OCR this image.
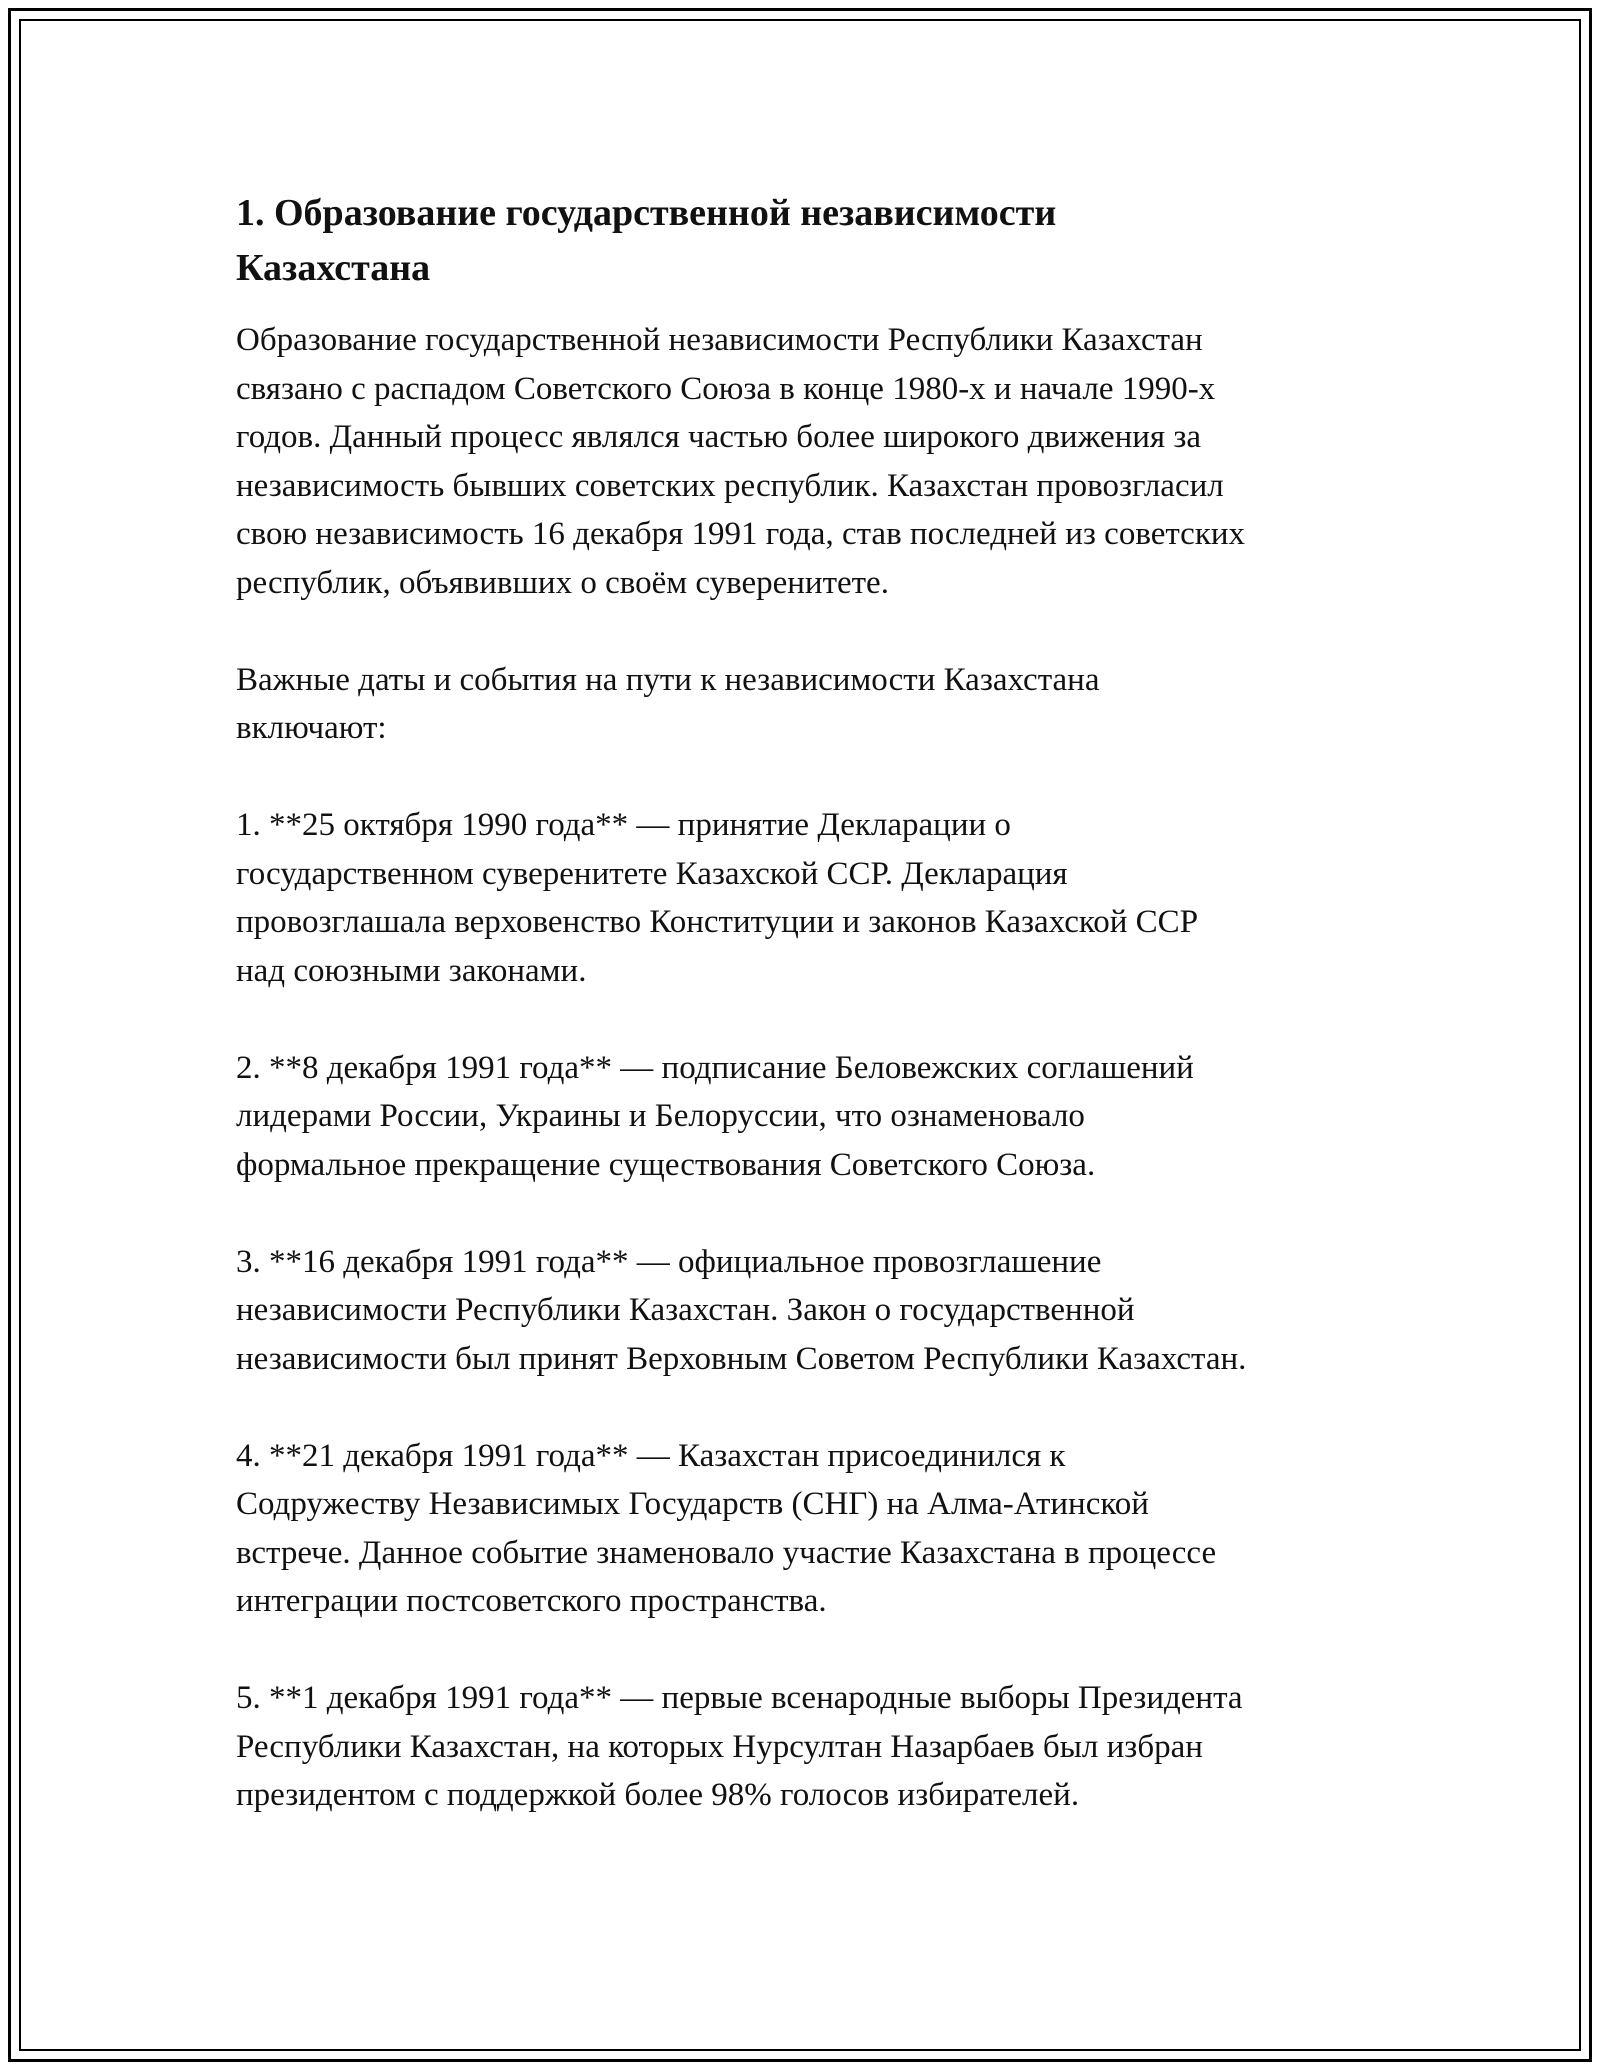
1. Образование государственной независимости
Казахстана
Образование государственной независимости Республики Казахстан
связано с распадом Советского Союза в конце 1980-х и начале 1990-х
годов. Данный процесс являлся частью более широкого движения за
независимость бывших советских республик. Казахстан провозгласил
свою независимость 16 декабря 1991 года, став последней из советских
республик, объявивших о своём суверенитете.
Важные даты и события на пути к независимости Казахстана
включают:
1. **25 октября 1990 года** — принятие Декларации о
государственном суверенитете Казахской ССР. Декларация
провозглашала верховенство Конституции и законов Казахской ССР
над союзными законами.
2. **8 декабря 1991 года** — подписание Беловежских соглашений
лидерами России, Украины и Белоруссии, что ознаменовало
формальное прекращение существования Советского Союза.
3. **16 декабря 1991 года** — официальное провозглашение
независимости Республики Казахстан. Закон о государственной
независимости был принят Верховным Советом Республики Казахстан.
4. **21 декабря 1991 года** — Казахстан присоединился к
Содружеству Независимых Государств (СНГ) на Алма-Атинской
встрече. Данное событие знаменовало участие Казахстана в процессе
интеграции постсоветского пространства.
5. **1 декабря 1991 года** — первые всенародные выборы Президента
Республики Казахстан, на которых Нурсултан Назарбаев был избран
президентом с поддержкой более 98% голосов избирателей.
